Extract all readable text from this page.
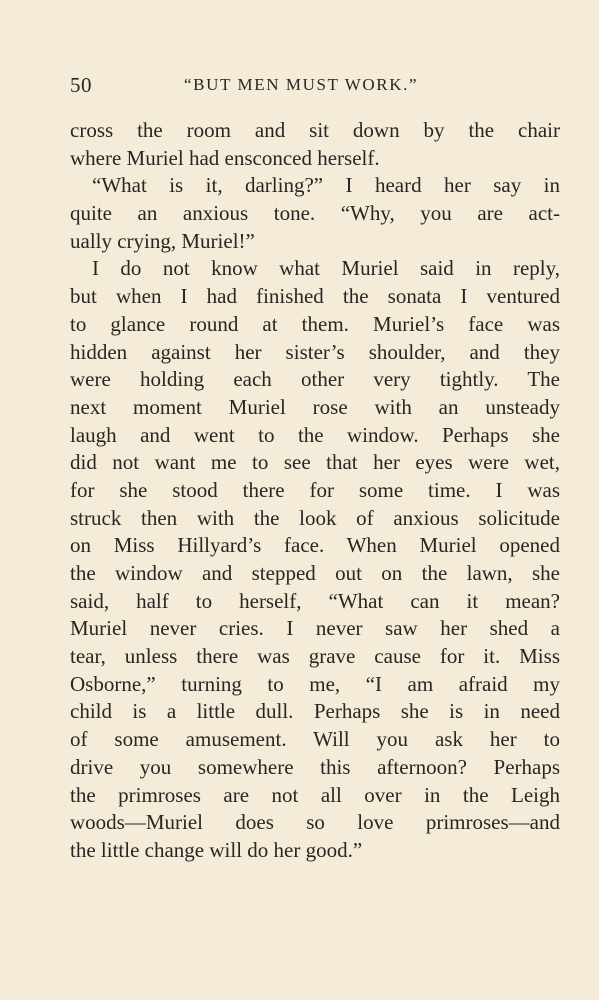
50	“BUT MEN MUST WORK.”
cross the room and sit down by the chair
where Muriel had ensconced herself.
“What is it, darling?” I heard her say in
quite an anxious tone. “Why, you are act-
ually crying, Muriel!”
I do not know what Muriel said in reply,
but when I had finished the sonata I ventured
to glance round at them. Muriel’s face was
hidden against her sister’s shoulder, and they
were holding each other very tightly. The
next moment Muriel rose with an unsteady
laugh and went to the window. Perhaps she
did not want me to see that her eyes were wet,
for she stood there for some time. I was
struck then with the look of anxious solicitude
on Miss Hillyard’s face. When Muriel opened
the window and stepped out on the lawn, she
said, half to herself, “What can it mean?
Muriel never cries. I never saw her shed a
tear, unless there was grave cause for it. Miss
Osborne,” turning to me, “I am afraid my
child is a little dull. Perhaps she is in need
of some amusement. Will you ask her to
drive you somewhere this afternoon? Perhaps
the primroses are not all over in the Leigh
woods—Muriel does so love primroses—and
the little change will do her good.”
